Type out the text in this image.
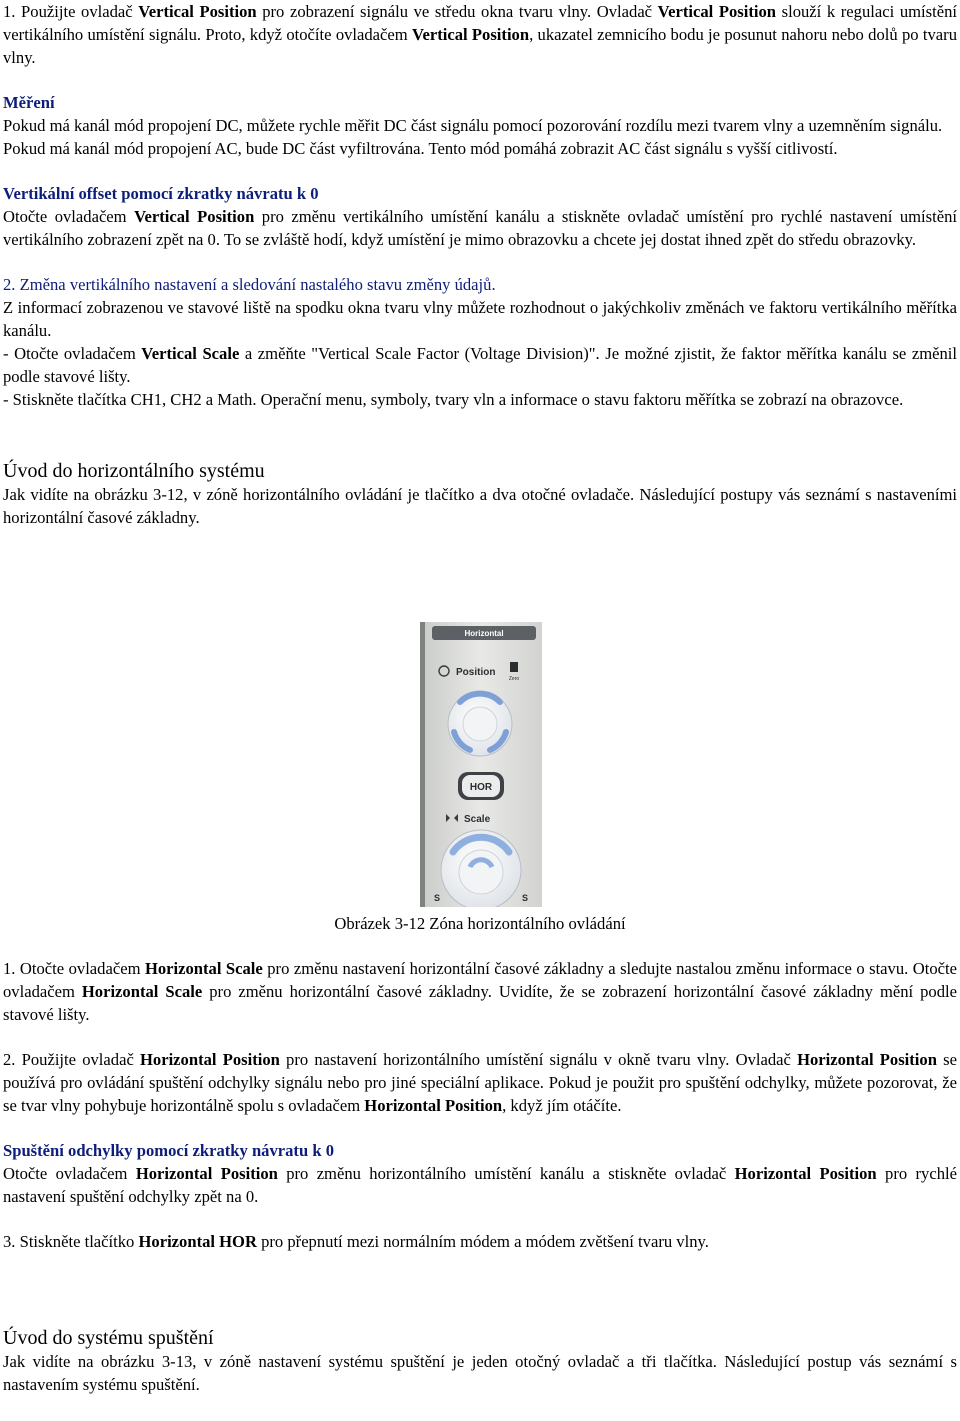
1. Použijte ovladač Vertical Position pro zobrazení signálu ve středu okna tvaru vlny. Ovladač Vertical Position slouží k regulaci umístění vertikálního umístění signálu. Proto, když otočíte ovladačem Vertical Position, ukazatel zemnicího bodu je posunut nahoru nebo dolů po tvaru vlny.

Měření

Pokud má kanál mód propojení DC, můžete rychle měřit DC část signálu pomocí pozorování rozdílu mezi tvarem vlny a uzemněním signálu.

Pokud má kanál mód propojení AC, bude DC část vyfiltrována. Tento mód pomáhá zobrazit AC část signálu s vyšší citlivostí.

Vertikální offset pomocí zkratky návratu k 0

Otočte ovladačem Vertical Position pro změnu vertikálního umístění kanálu a stiskněte ovladač umístění pro rychlé nastavení umístění vertikálního zobrazení zpět na 0. To se zvláště hodí, když umístění je mimo obrazovku a chcete jej dostat ihned zpět do středu obrazovky.

2. Změna vertikálního nastavení a sledování nastalého stavu změny údajů.

Z informací zobrazenou ve stavové liště na spodku okna tvaru vlny můžete rozhodnout o jakýchkoliv změnách ve faktoru vertikálního měřítka kanálu.

- Otočte ovladačem Vertical Scale a změňte "Vertical Scale Factor (Voltage Division)". Je možné zjistit, že faktor měřítka kanálu se změnil podle stavové lišty.

- Stiskněte tlačítka CH1, CH2 a Math. Operační menu, symboly, tvary vln a informace o stavu faktoru měřítka se zobrazí na obrazovce.

Úvod do horizontálního systému

Jak vidíte na obrázku 3-12, v zóně horizontálního ovládání je tlačítko a dva otočné ovladače. Následující postupy vás seznámí s nastaveními horizontální časové základny.

Horizontal
Position
Zero
HOR
Scale
S	S
Obrázek 3-12 Zóna horizontálního ovládání

1. Otočte ovladačem Horizontal Scale pro změnu nastavení horizontální časové základny a sledujte nastalou změnu informace o stavu. Otočte ovladačem Horizontal Scale pro změnu horizontální časové základny. Uvidíte, že se zobrazení horizontální časové základny mění podle stavové lišty.

2. Použijte ovladač Horizontal Position pro nastavení horizontálního umístění signálu v okně tvaru vlny. Ovladač Horizontal Position se používá pro ovládání spuštění odchylky signálu nebo pro jiné speciální aplikace. Pokud je použit pro spuštění odchylky, můžete pozorovat, že se tvar vlny pohybuje horizontálně spolu s ovladačem Horizontal Position, když jím otáčíte.

Spuštění odchylky pomocí zkratky návratu k 0

Otočte ovladačem Horizontal Position pro změnu horizontálního umístění kanálu a stiskněte ovladač Horizontal Position pro rychlé nastavení spuštění odchylky zpět na 0.

3. Stiskněte tlačítko Horizontal HOR pro přepnutí mezi normálním módem a módem zvětšení tvaru vlny.

Úvod do systému spuštění

Jak vidíte na obrázku 3-13, v zóně nastavení systému spuštění je jeden otočný ovladač a tři tlačítka. Následující postup vás seznámí s nastavením systému spuštění.
